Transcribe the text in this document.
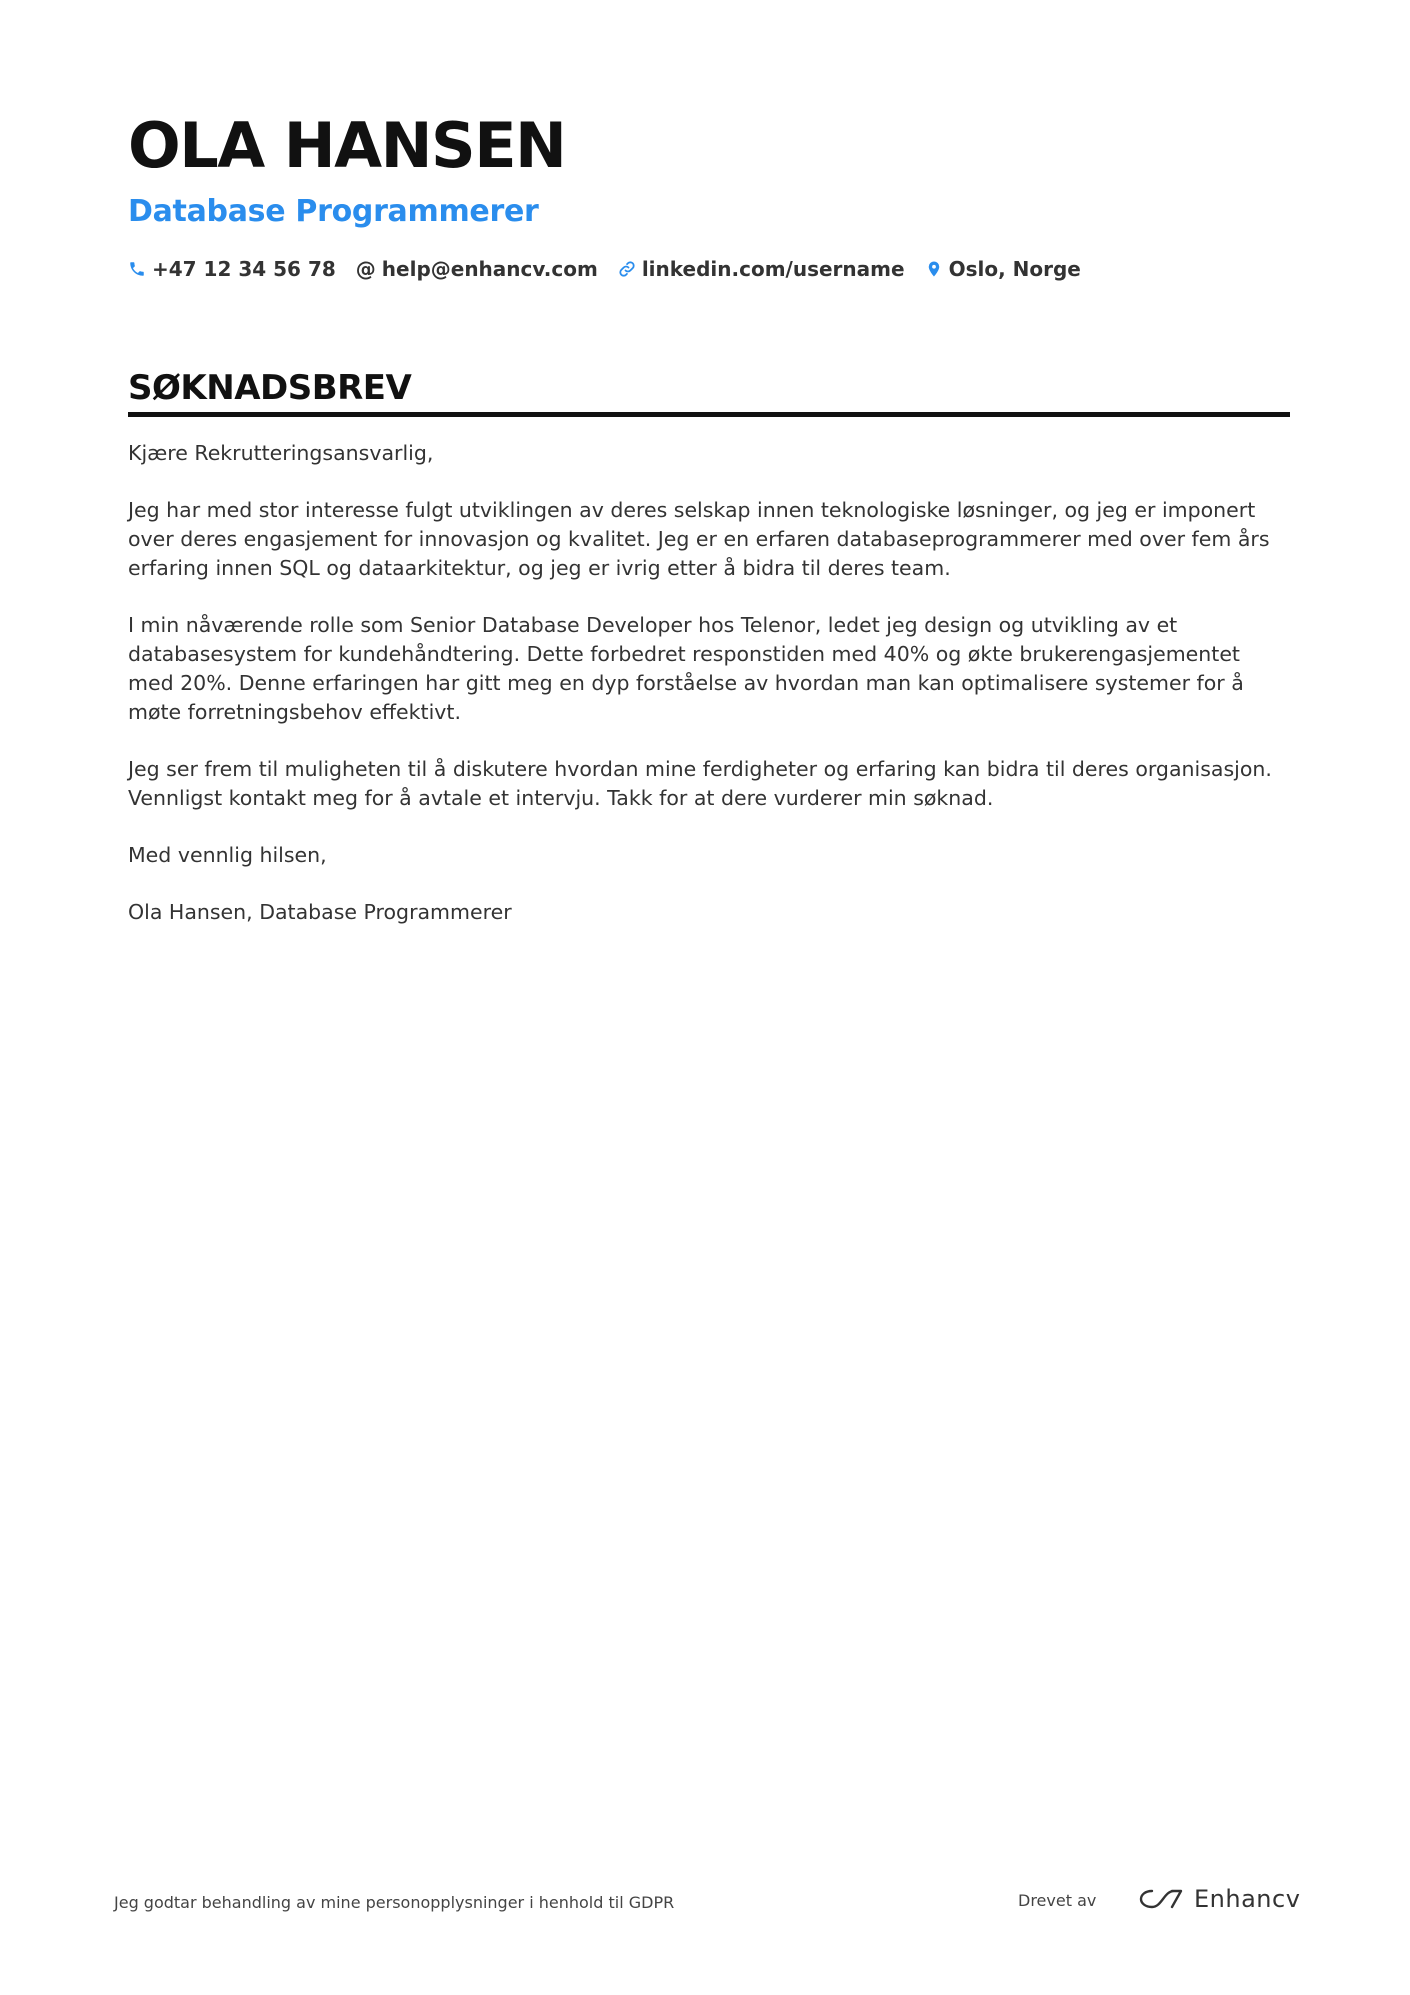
OLA HANSEN
Database Programmerer
+47 12 34 56 78 @ help@enhancv.com linkedin.com/username Oslo, Norge
SØKNADSBREV

Kjære Rekrutteringsansvarlig,

Jeg har med stor interesse fulgt utviklingen av deres selskap innen teknologiske løsninger, og jeg er imponert over deres engasjement for innovasjon og kvalitet. Jeg er en erfaren databaseprogrammerer med over fem års erfaring innen SQL og dataarkitektur, og jeg er ivrig etter å bidra til deres team.

I min nåværende rolle som Senior Database Developer hos Telenor, ledet jeg design og utvikling av et databasesystem for kundehåndtering. Dette forbedret responstiden med 40% og økte brukerengasjementet med 20%. Denne erfaringen har gitt meg en dyp forståelse av hvordan man kan optimalisere systemer for å møte forretningsbehov effektivt.

Jeg ser frem til muligheten til å diskutere hvordan mine ferdigheter og erfaring kan bidra til deres organisasjon. Vennligst kontakt meg for å avtale et intervju. Takk for at dere vurderer min søknad.

Med vennlig hilsen,

Ola Hansen, Database Programmerer

Jeg godtar behandling av mine personopplysninger i henhold til GDPR	Drevet av	Enhancv
